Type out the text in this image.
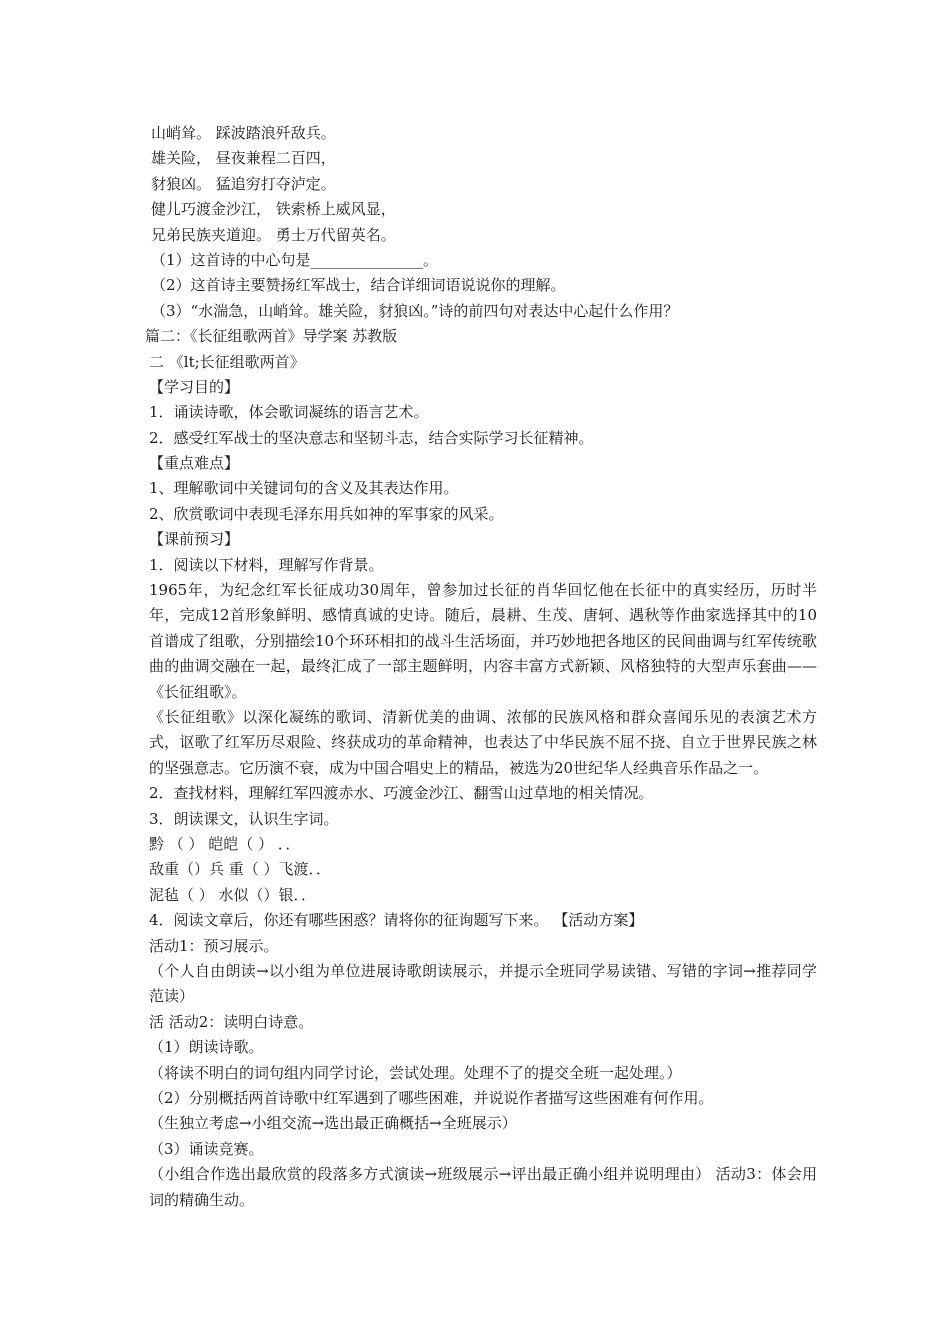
山峭耸。 踩波踏浪歼敌兵。
雄关险， 昼夜兼程二百四，
豺狼凶。 猛追穷打夺泸定。
健儿巧渡金沙江， 铁索桥上威风显，
兄弟民族夹道迎。 勇士万代留英名。
（1）这首诗的中心句是_______________。
（2）这首诗主要赞扬红军战士，结合详细词语说说你的理解。
（3）“水湍急，山峭耸。雄关险，豺狼凶。”诗的前四句对表达中心起什么作用？
篇二：《长征组歌两首》导学案 苏教版
二 《lt;长征组歌两首》
【学习目的】
1．诵读诗歌，体会歌词凝练的语言艺术。
2．感受红军战士的坚决意志和坚韧斗志，结合实际学习长征精神。
【重点难点】
1、理解歌词中关键词句的含义及其表达作用。
2、欣赏歌词中表现毛泽东用兵如神的军事家的风采。
【课前预习】
1．阅读以下材料，理解写作背景。
1965年，为纪念红军长征成功30周年，曾参加过长征的肖华回忆他在长征中的真实经历，历时半年，完成12首形象鲜明、感情真诚的史诗。随后，晨耕、生茂、唐轲、遇秋等作曲家选择其中的10首谱成了组歌，分别描绘10个环环相扣的战斗生活场面，并巧妙地把各地区的民间曲调与红军传统歌曲的曲调交融在一起，最终汇成了一部主题鲜明，内容丰富方式新颖、风格独特的大型声乐套曲——《长征组歌》。
《长征组歌》以深化凝练的歌词、清新优美的曲调、浓郁的民族风格和群众喜闻乐见的表演艺术方式，讴歌了红军历尽艰险、终获成功的革命精神，也表达了中华民族不屈不挠、自立于世界民族之林的坚强意志。它历演不衰，成为中国合唱史上的精品，被选为20世纪华人经典音乐作品之一。
2．查找材料，理解红军四渡赤水、巧渡金沙江、翻雪山过草地的相关情况。
3．朗读课文，认识生字词。
黔 （ ） 皑皑（ ） ．．
敌重（）兵 重（ ）飞渡．．
泥毡（ ） 水似（）银．．
4．阅读文章后，你还有哪些困惑？请将你的征询题写下来。 【活动方案】
活动1：预习展示。
（个人自由朗读→以小组为单位进展诗歌朗读展示，并提示全班同学易读错、写错的字词→推荐同学范读）
活 活动2：读明白诗意。
（1）朗读诗歌。
（将读不明白的词句组内同学讨论，尝试处理。处理不了的提交全班一起处理。）
（2）分别概括两首诗歌中红军遇到了哪些困难，并说说作者描写这些困难有何作用。
（生独立考虑→小组交流→选出最正确概括→全班展示）
（3）诵读竞赛。
（小组合作选出最欣赏的段落多方式演读→班级展示→评出最正确小组并说明理由） 活动3：体会用词的精确生动。
